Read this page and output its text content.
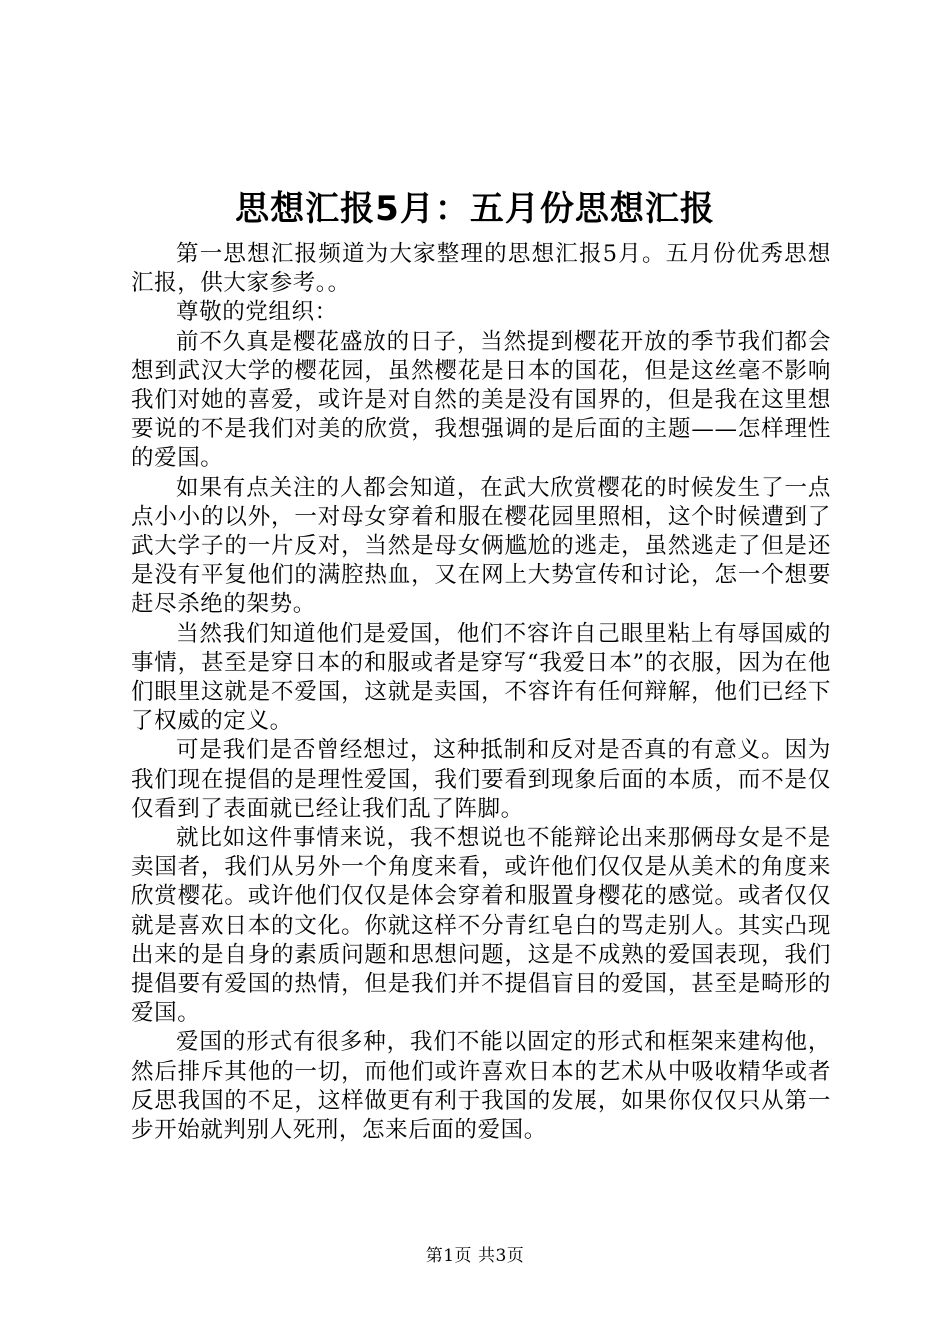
思想汇报5月：五月份思想汇报

第一思想汇报频道为大家整理的思想汇报5月。五月份优秀思想汇报，供大家参考。。

尊敬的党组织：

前不久真是樱花盛放的日子，当然提到樱花开放的季节我们都会想到武汉大学的樱花园，虽然樱花是日本的国花，但是这丝毫不影响我们对她的喜爱，或许是对自然的美是没有国界的，但是我在这里想要说的不是我们对美的欣赏，我想强调的是后面的主题——怎样理性的爱国。

如果有点关注的人都会知道，在武大欣赏樱花的时候发生了一点点小小的以外，一对母女穿着和服在樱花园里照相，这个时候遭到了武大学子的一片反对，当然是母女俩尴尬的逃走，虽然逃走了但是还是没有平复他们的满腔热血，又在网上大势宣传和讨论，怎一个想要赶尽杀绝的架势。

当然我们知道他们是爱国，他们不容许自己眼里粘上有辱国威的事情，甚至是穿日本的和服或者是穿写“我爱日本”的衣服，因为在他们眼里这就是不爱国，这就是卖国，不容许有任何辩解，他们已经下了权威的定义。

可是我们是否曾经想过，这种抵制和反对是否真的有意义。因为我们现在提倡的是理性爱国，我们要看到现象后面的本质，而不是仅仅看到了表面就已经让我们乱了阵脚。

就比如这件事情来说，我不想说也不能辩论出来那俩母女是不是卖国者，我们从另外一个角度来看，或许他们仅仅是从美术的角度来欣赏樱花。或许他们仅仅是体会穿着和服置身樱花的感觉。或者仅仅就是喜欢日本的文化。你就这样不分青红皂白的骂走别人。其实凸现出来的是自身的素质问题和思想问题，这是不成熟的爱国表现，我们提倡要有爱国的热情，但是我们并不提倡盲目的爱国，甚至是畸形的爱国。

爱国的形式有很多种，我们不能以固定的形式和框架来建构他，然后排斥其他的一切，而他们或许喜欢日本的艺术从中吸收精华或者反思我国的不足，这样做更有利于我国的发展，如果你仅仅只从第一步开始就判别人死刑，怎来后面的爱国。

第1页 共3页
